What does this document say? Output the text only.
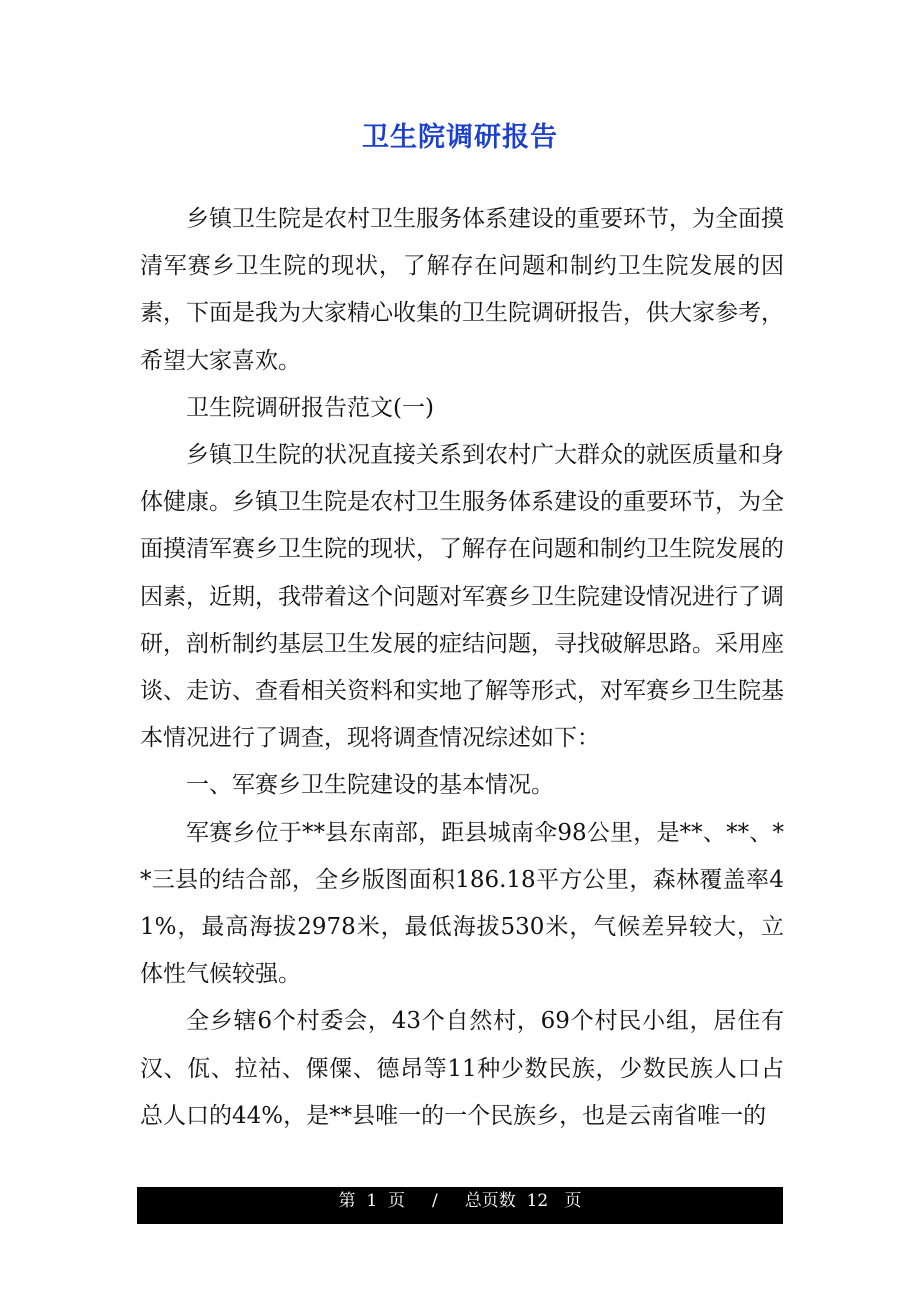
卫生院调研报告

乡镇卫生院是农村卫生服务体系建设的重要环节，为全面摸清军赛乡卫生院的现状，了解存在问题和制约卫生院发展的因素，下面是我为大家精心收集的卫生院调研报告，供大家参考，希望大家喜欢。

卫生院调研报告范文(一)

乡镇卫生院的状况直接关系到农村广大群众的就医质量和身体健康。乡镇卫生院是农村卫生服务体系建设的重要环节，为全面摸清军赛乡卫生院的现状，了解存在问题和制约卫生院发展的因素，近期，我带着这个问题对军赛乡卫生院建设情况进行了调研，剖析制约基层卫生发展的症结问题，寻找破解思路。采用座谈、走访、查看相关资料和实地了解等形式，对军赛乡卫生院基本情况进行了调查，现将调查情况综述如下：

一、军赛乡卫生院建设的基本情况。

军赛乡位于**县东南部，距县城南伞98公里，是**、**、**三县的结合部，全乡版图面积186.18平方公里，森林覆盖率41%，最高海拔2978米，最低海拔530米，气候差异较大，立体性气候较强。

全乡辖6个村委会，43个自然村，69个村民小组，居住有汉、佤、拉祜、傈僳、德昂等11种少数民族，少数民族人口占总人口的44%，是**县唯一的一个民族乡，也是云南省唯一的

第
1
页
/
总页数
12
页
